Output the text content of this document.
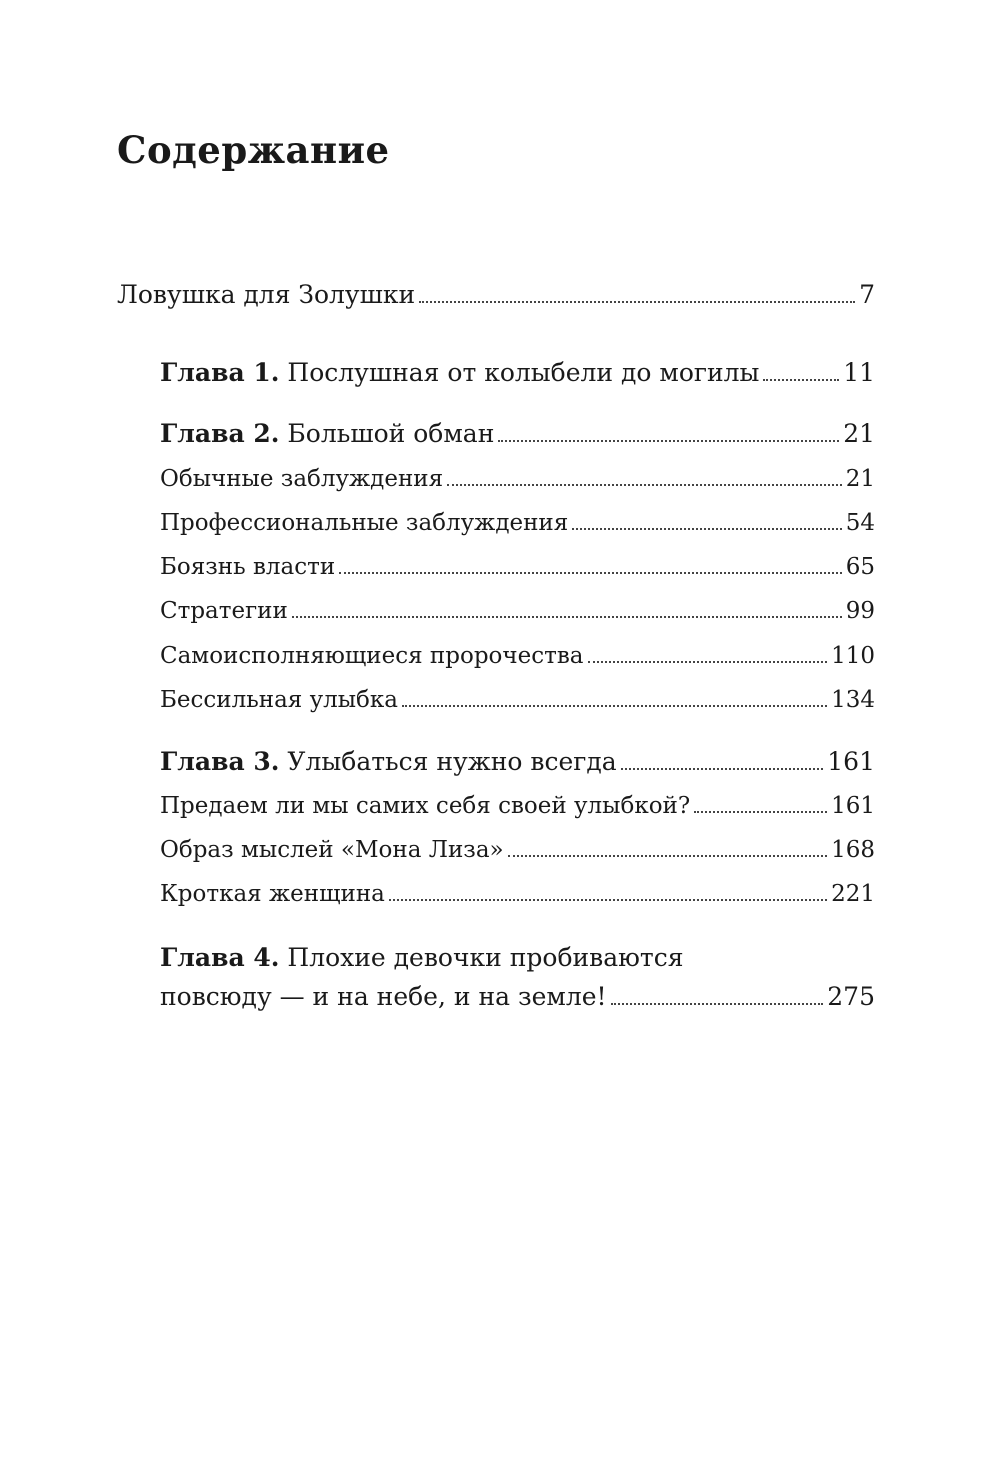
Содержание
Ловушка для Золушки	7
Глава 1. Послушная от колыбели до могилы	11
Глава 2. Большой обман	21
Обычные заблуждения	21
Профессиональные заблуждения	54
Боязнь власти	65
Стратегии	99
Самоисполняющиеся пророчества	110
Бессильная улыбка	134
Глава 3. Улыбаться нужно всегда	161
Предаем ли мы самих себя своей улыбкой?	161
Образ мыслей «Мона Лиза»	168
Кроткая женщина	221
Глава 4. Плохие девочки пробиваются
повсюду — и на небе, и на земле!	275
